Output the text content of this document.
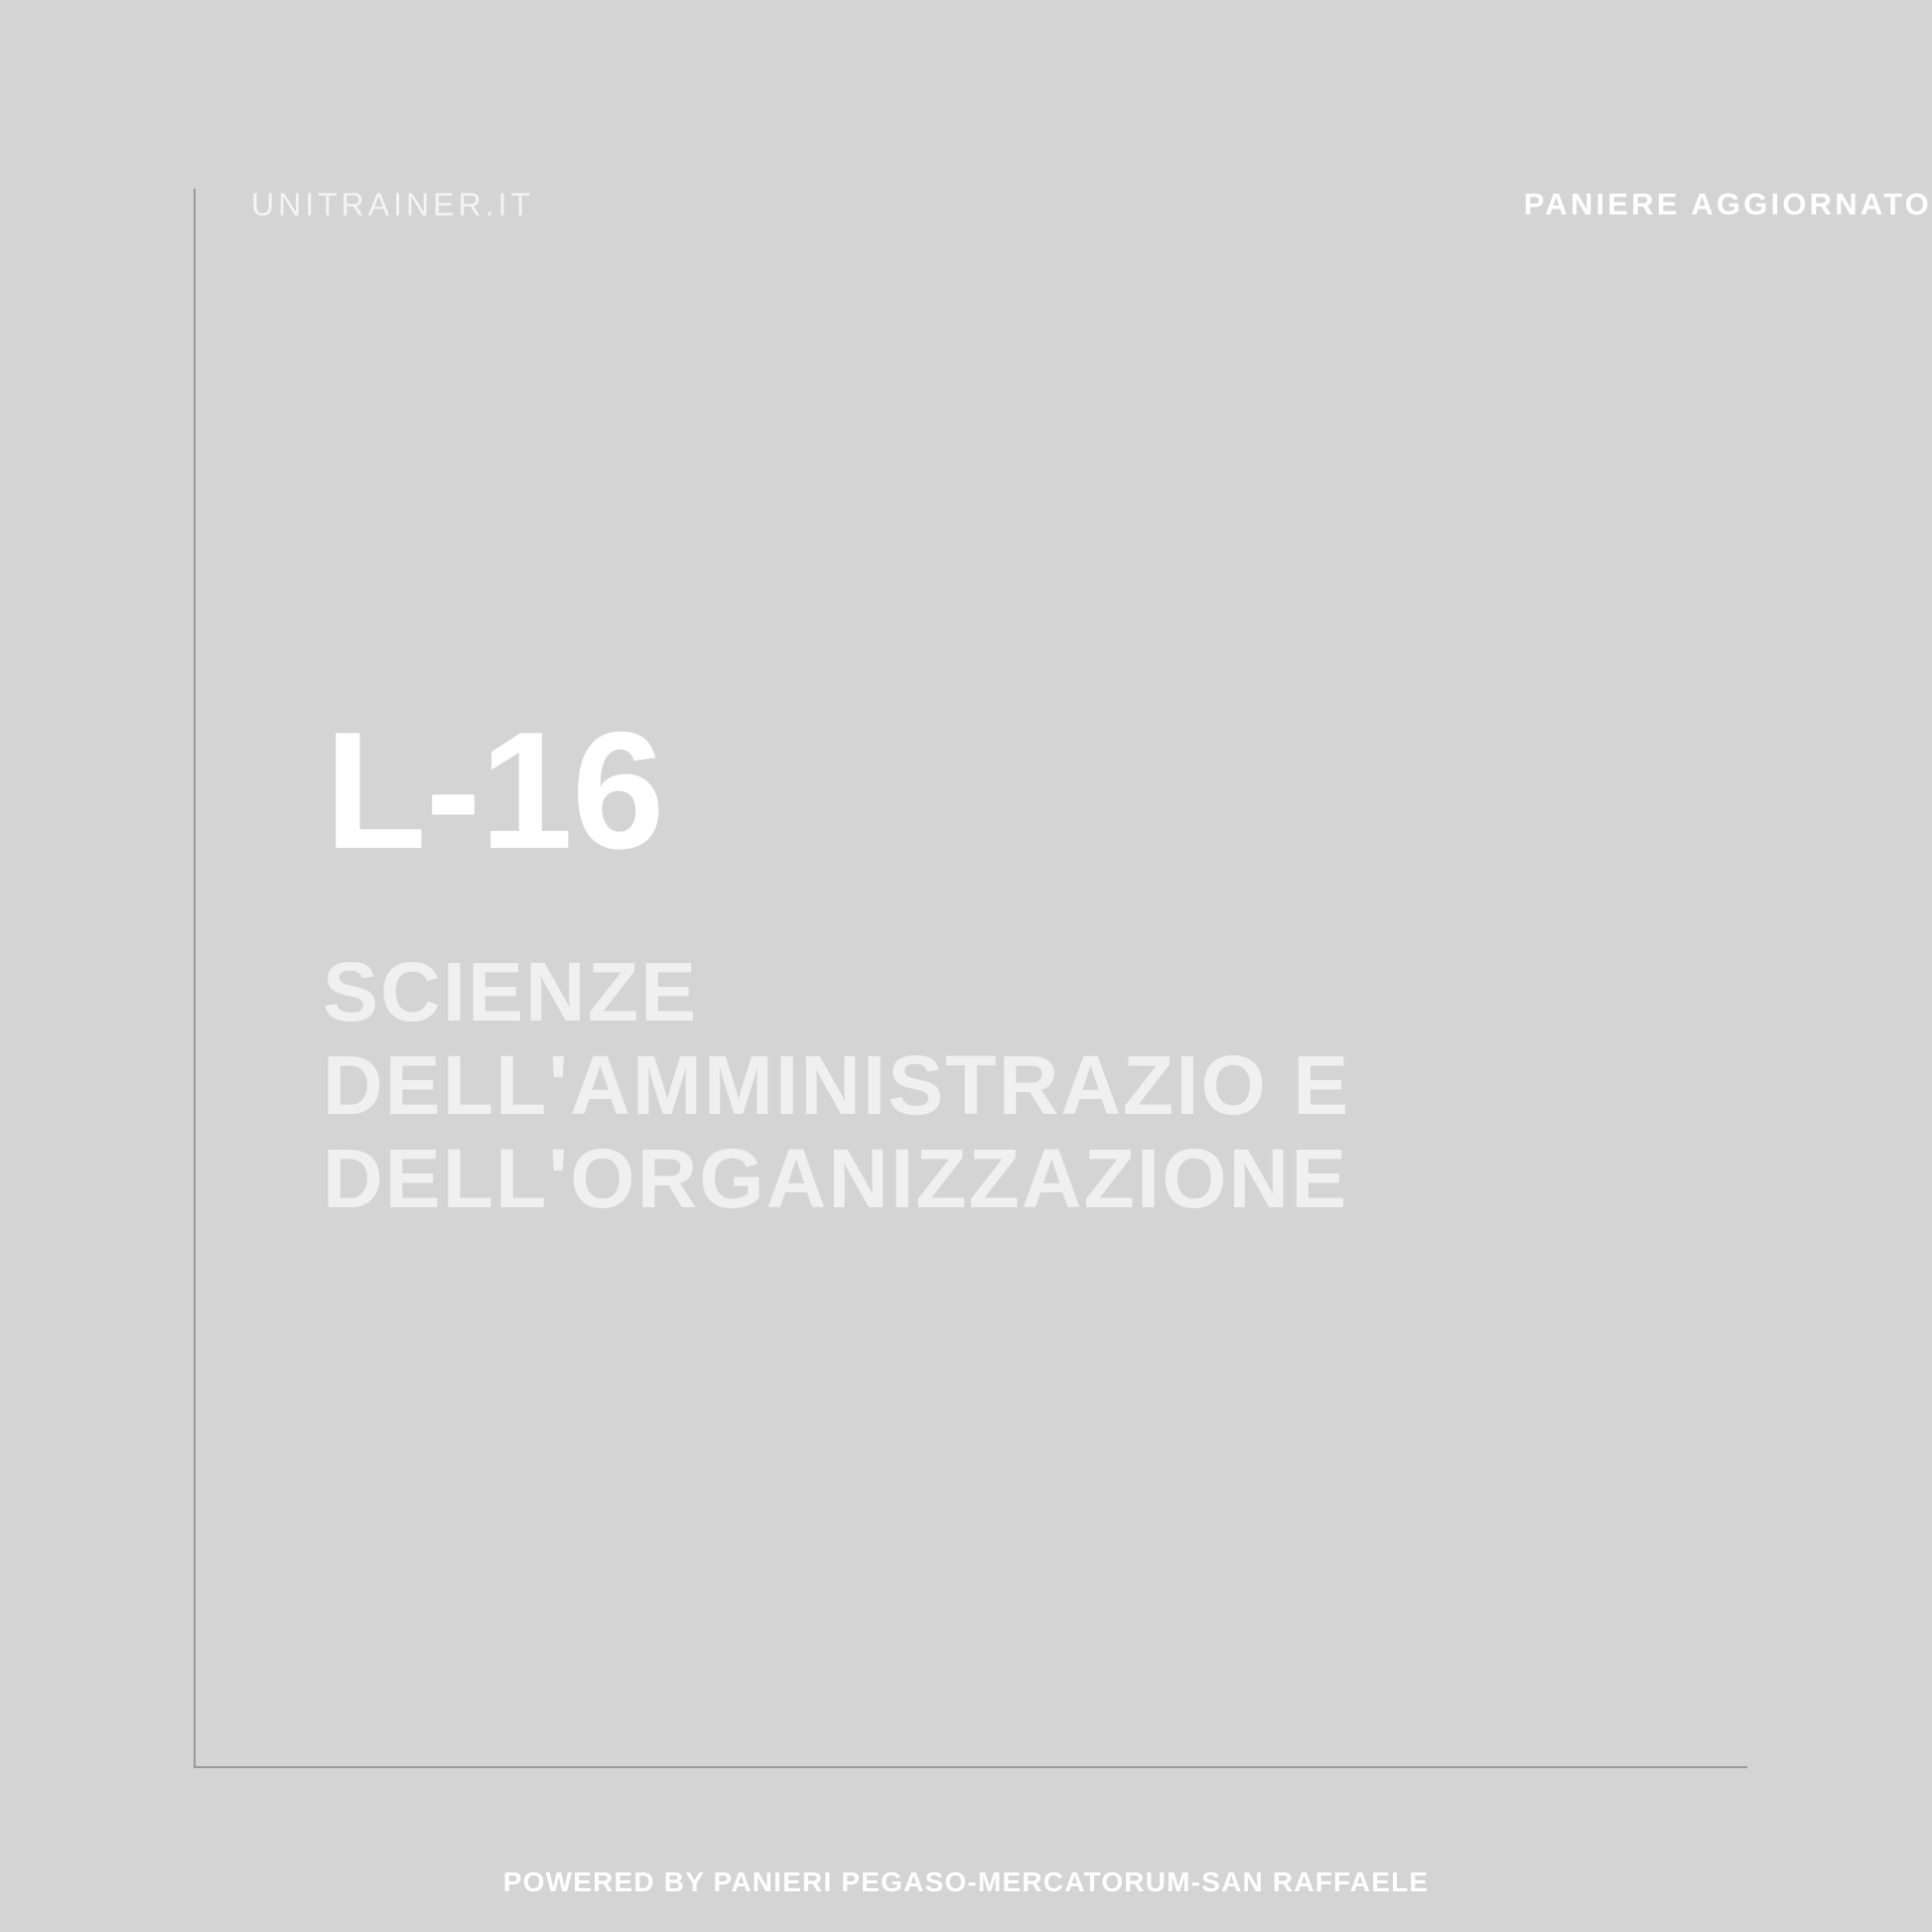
UNITRAINER.IT	PANIERE AGGIORNATO
L-16
SCIENZE DELL'AMMINISTRAZIO E DELL'ORGANIZZAZIONE
POWERED BY PANIERI PEGASO-MERCATORUM-SAN RAFFAELE
